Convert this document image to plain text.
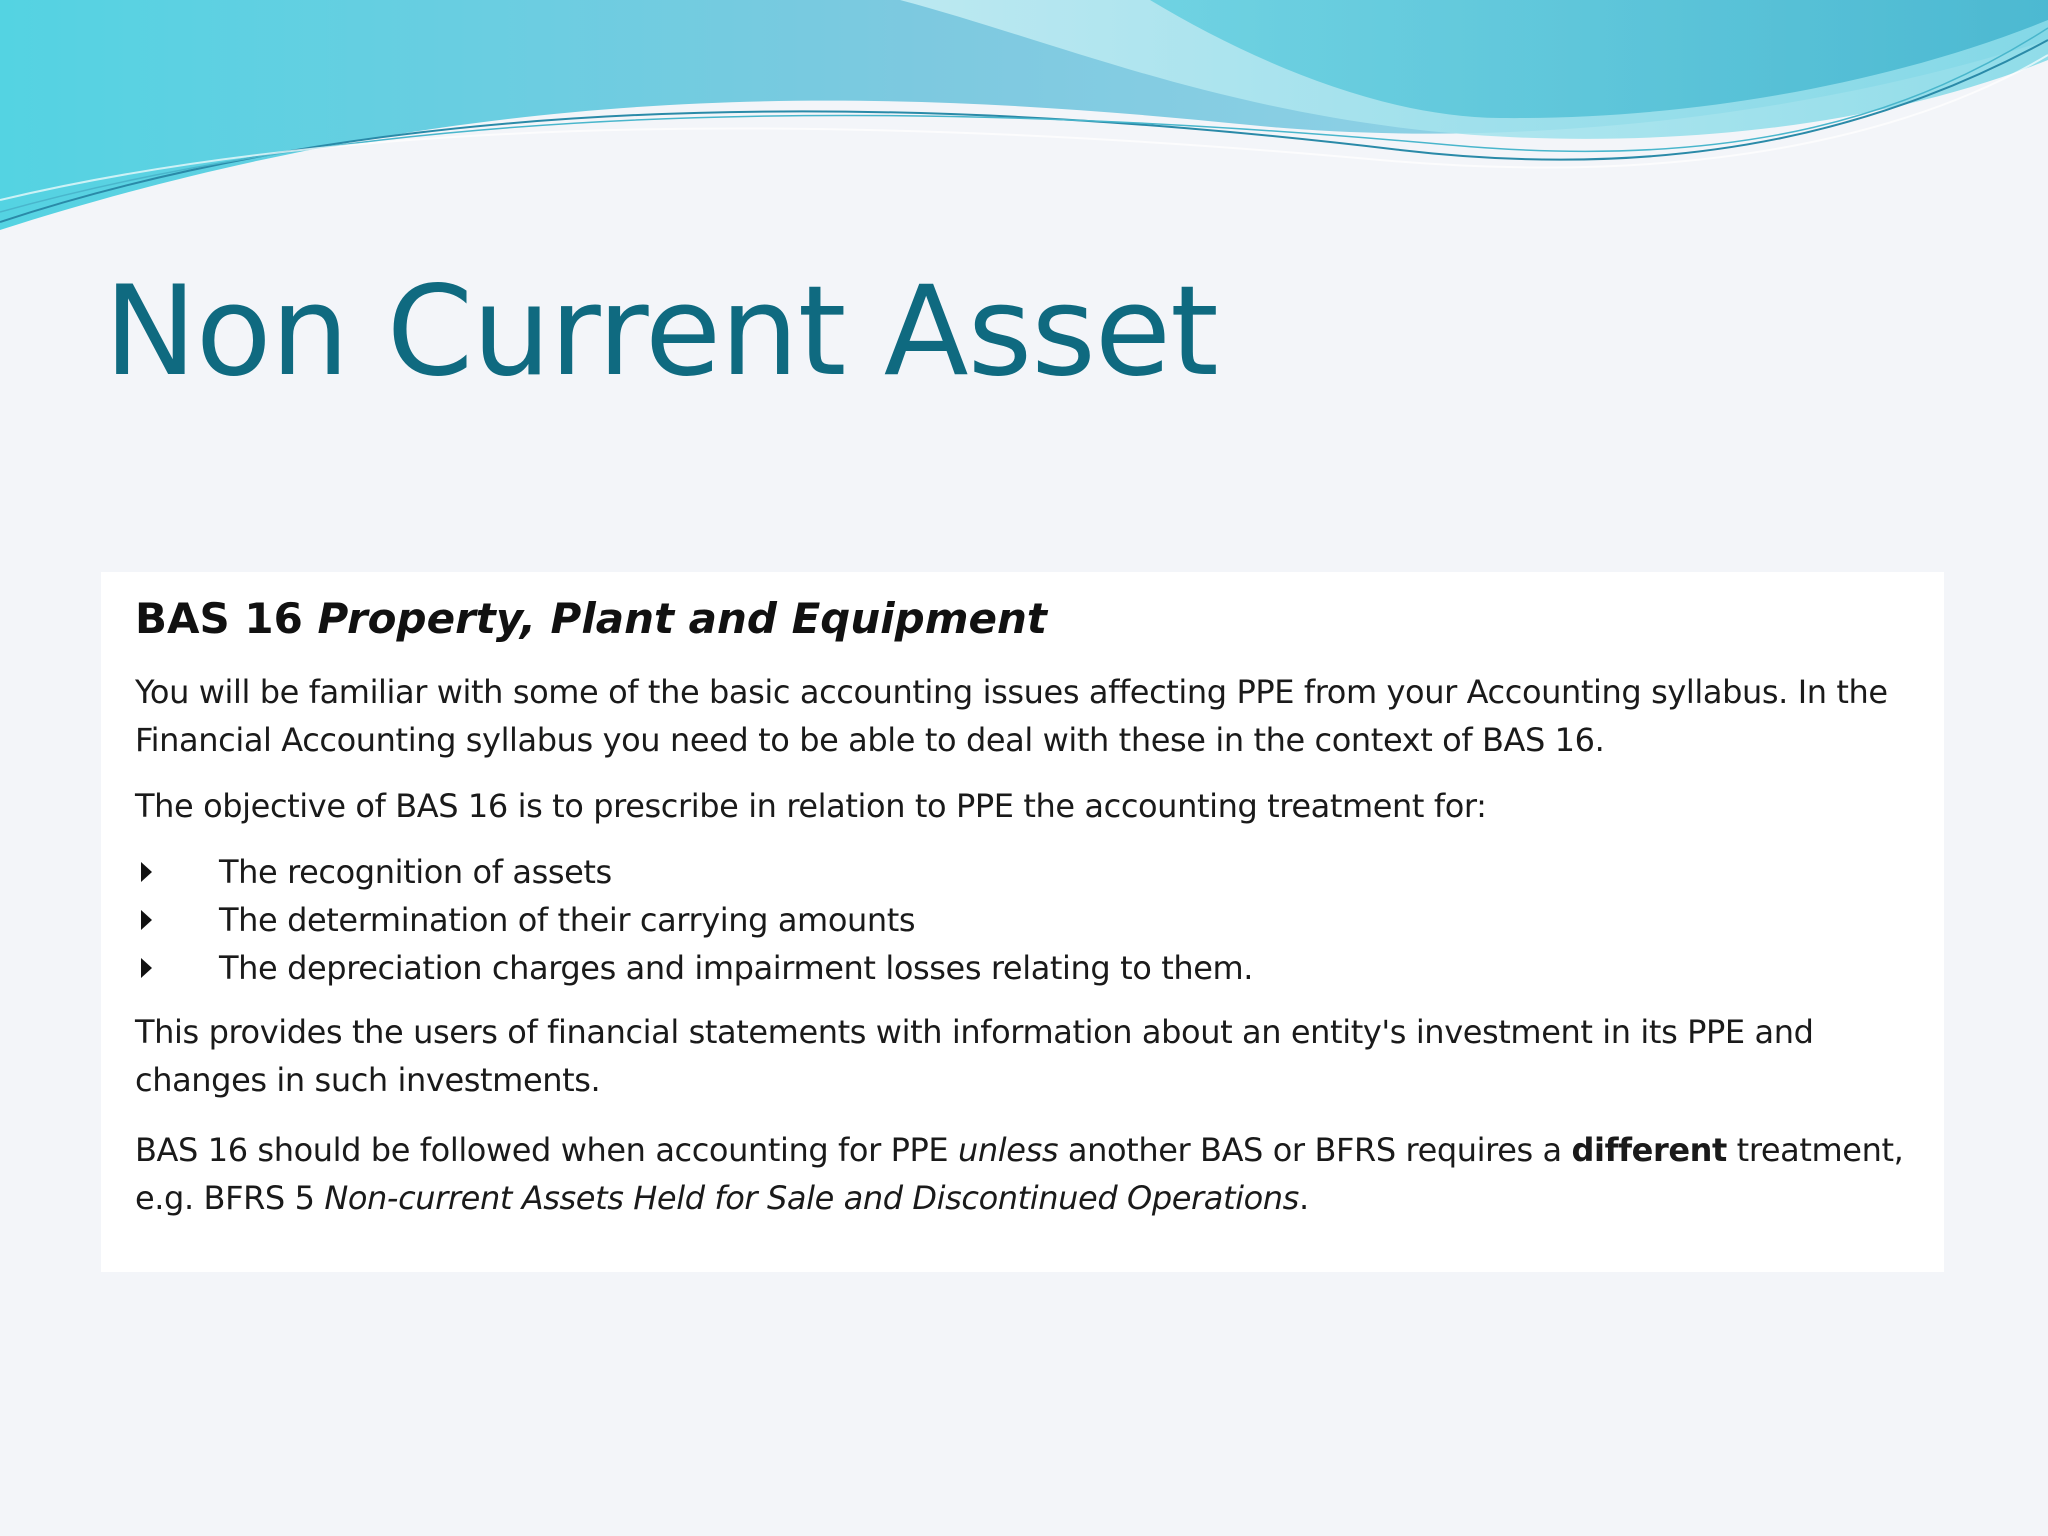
Non Current Asset
BAS 16 Property, Plant and Equipment

You will be familiar with some of the basic accounting issues affecting PPE from your Accounting syllabus. In the Financial Accounting syllabus you need to be able to deal with these in the context of BAS 16.

The objective of BAS 16 is to prescribe in relation to PPE the accounting treatment for:

The recognition of assets
The determination of their carrying amounts
The depreciation charges and impairment losses relating to them.

This provides the users of financial statements with information about an entity's investment in its PPE and changes in such investments.

BAS 16 should be followed when accounting for PPE unless another BAS or BFRS requires a different treatment, e.g. BFRS 5 Non-current Assets Held for Sale and Discontinued Operations.
